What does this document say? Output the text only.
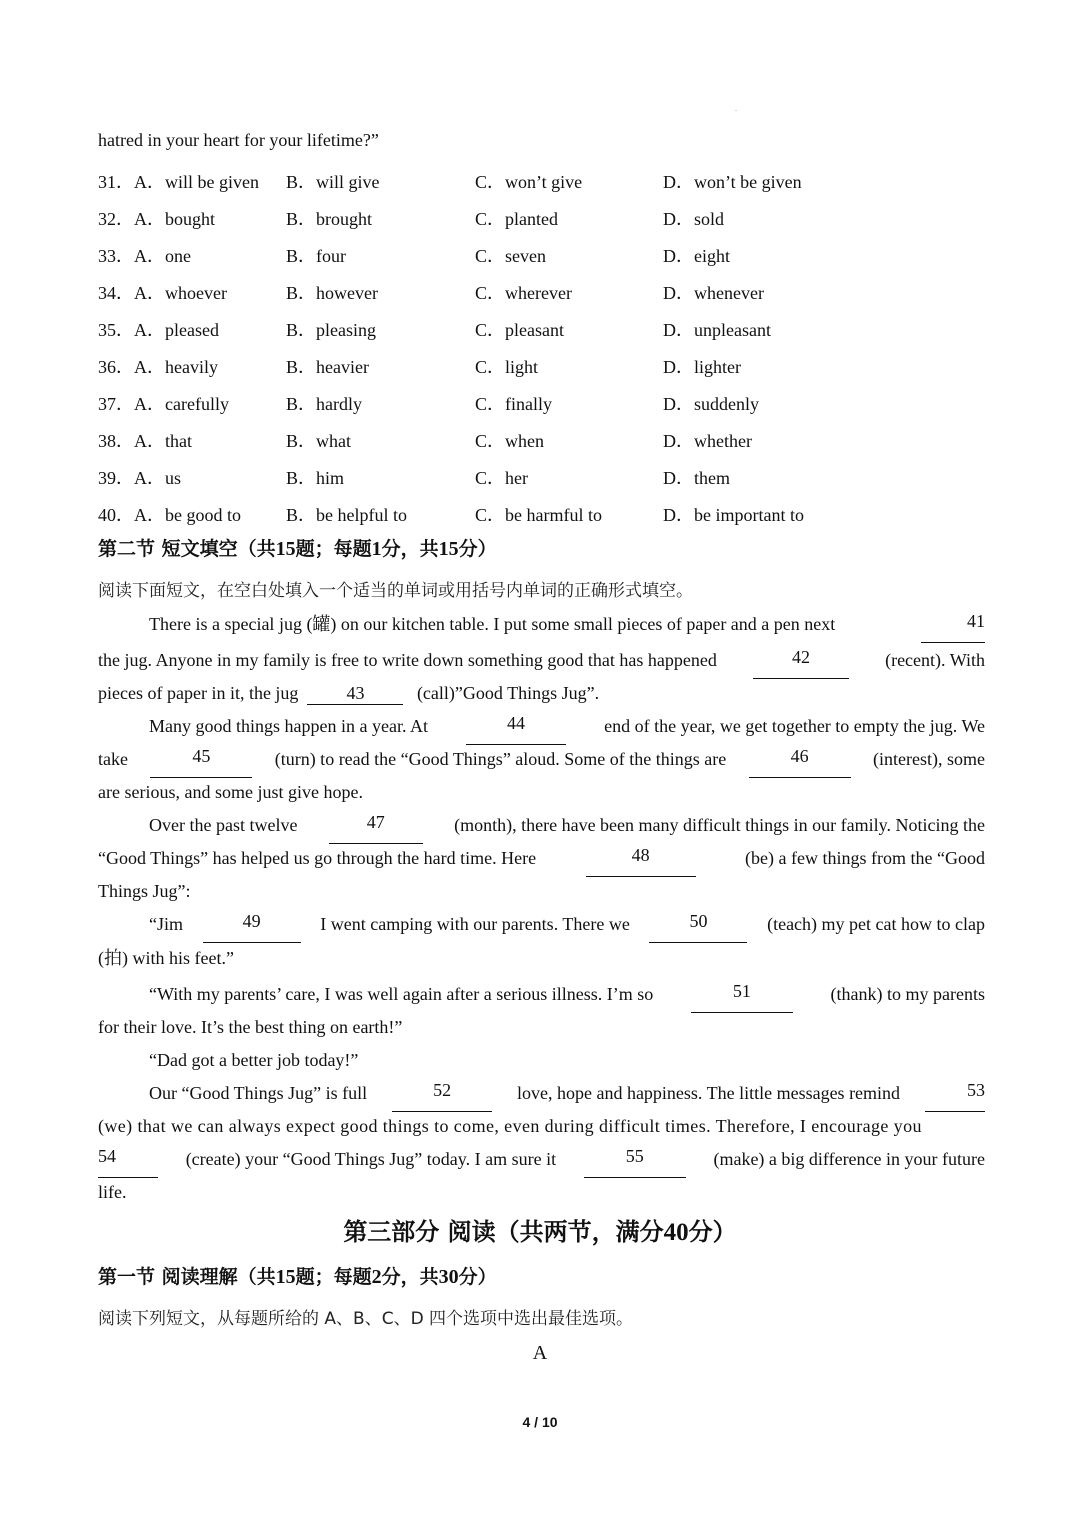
.
hatred in your heart for your lifetime?”
31．A．will be given B．will give	C．won’t give	D．won’t be given
32．A．bought	B．brought	C．planted	D．sold
33．A．one	B．four	C．seven	D．eight
34．A．whoever	B．however	C．wherever	D．whenever
35．A．pleased	B．pleasing	C．pleasant	D．unpleasant
36．A．heavily	B．heavier	C．light	D．lighter
37．A．carefully	B．hardly	C．finally	D．suddenly
38．A．that	B．what	C．when	D．whether
39．A．us	B．him	C．her	D．them
40．A．be good to	B．be helpful to	C．be harmful to	D．be important to
第二节 短文填空（共15题；每题1分，共15分）
阅读下面短文，在空白处填入一个适当的单词或用括号内单词的正确形式填空。
There is a special jug (罐) on our kitchen table. I put some small pieces of paper and a pen next	41
the jug. Anyone in my family is free to write down something good that has happened	42	(recent). With
pieces of paper in it, the jug	43	(call)”Good Things Jug”.
Many good things happen in a year. At	44	end of the year, we get together to empty the jug. We
take	45	(turn) to read the “Good Things” aloud. Some of the things are	46	(interest), some
are serious, and some just give hope.
Over the past twelve	47	(month), there have been many difficult things in our family. Noticing the
“Good Things” has helped us go through the hard time. Here	48	(be) a few things from the “Good
Things Jug”:
“Jim	49	I went camping with our parents. There we	50	(teach) my pet cat how to clap
(拍) with his feet.”
“With my parents’ care, I was well again after a serious illness. I’m so	51	(thank) to my parents
for their love. It’s the best thing on earth!”
“Dad got a better job today!”
Our “Good Things Jug” is full	52	love, hope and happiness. The little messages remind	53
(we) that we can always expect good things to come, even during difficult times. Therefore, I encourage you
54	(create) your “Good Things Jug” today. I am sure it	55	(make) a big difference in your future
life.
第三部分 阅读（共两节，满分40分）
第一节 阅读理解（共15题；每题2分，共30分）
阅读下列短文，从每题所给的 A、B、C、D 四个选项中选出最佳选项。
A
4 / 10
